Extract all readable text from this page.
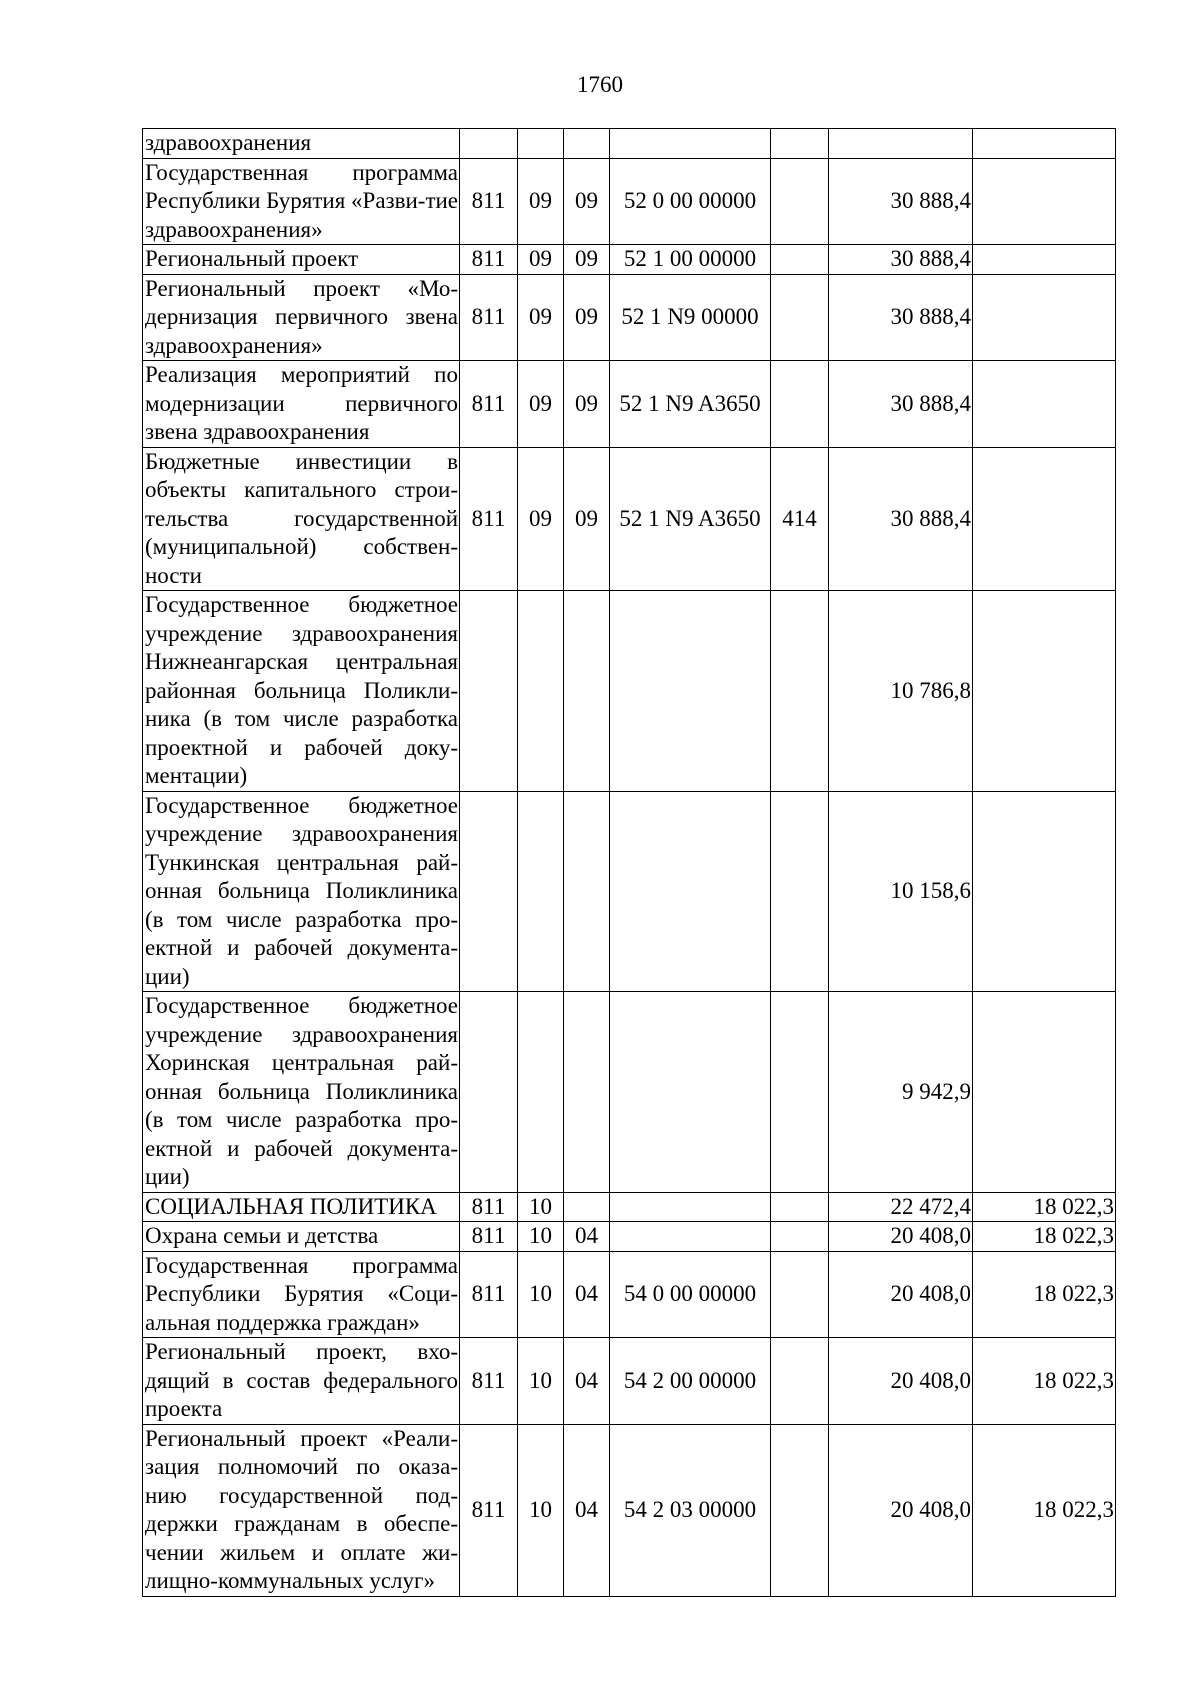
1760
здравоохранения							
Государственная программа Республики Бурятия «Разви-тие здравоохранения»	811	09	09	52 0 00 00000		30 888,4	
Региональный проект	811	09	09	52 1 00 00000		30 888,4	
Региональный проект «Мо-дернизация первичного звена здравоохранения»	811	09	09	52 1 N9 00000		30 888,4	
Реализация мероприятий по модернизации первичного звена здравоохранения	811	09	09	52 1 N9 A3650		30 888,4	
Бюджетные инвестиции в объекты капитального строи-тельства государственной (муниципальной) собствен-ности	811	09	09	52 1 N9 A3650	414	30 888,4	
Государственное бюджетное учреждение здравоохранения Нижнеангарская центральная районная больница Поликли-ника (в том числе разработка проектной и рабочей доку-ментации)						10 786,8	
Государственное бюджетное учреждение здравоохранения Тункинская центральная рай-онная больница Поликлиника (в том числе разработка про-ектной и рабочей документа-ции)						10 158,6	
Государственное бюджетное учреждение здравоохранения Хоринская центральная рай-онная больница Поликлиника (в том числе разработка про-ектной и рабочей документа-ции)						9 942,9	
СОЦИАЛЬНАЯ ПОЛИТИКА	811	10				22 472,4	18 022,3
Охрана семьи и детства	811	10	04			20 408,0	18 022,3
Государственная программа Республики Бурятия «Соци-альная поддержка граждан»	811	10	04	54 0 00 00000		20 408,0	18 022,3
Региональный проект, вхо-дящий в состав федерального проекта	811	10	04	54 2 00 00000		20 408,0	18 022,3
Региональный проект «Реали-зация полномочий по оказа-нию государственной под-держки гражданам в обеспе-чении жильем и оплате жи-лищно-коммунальных услуг»	811	10	04	54 2 03 00000		20 408,0	18 022,3
